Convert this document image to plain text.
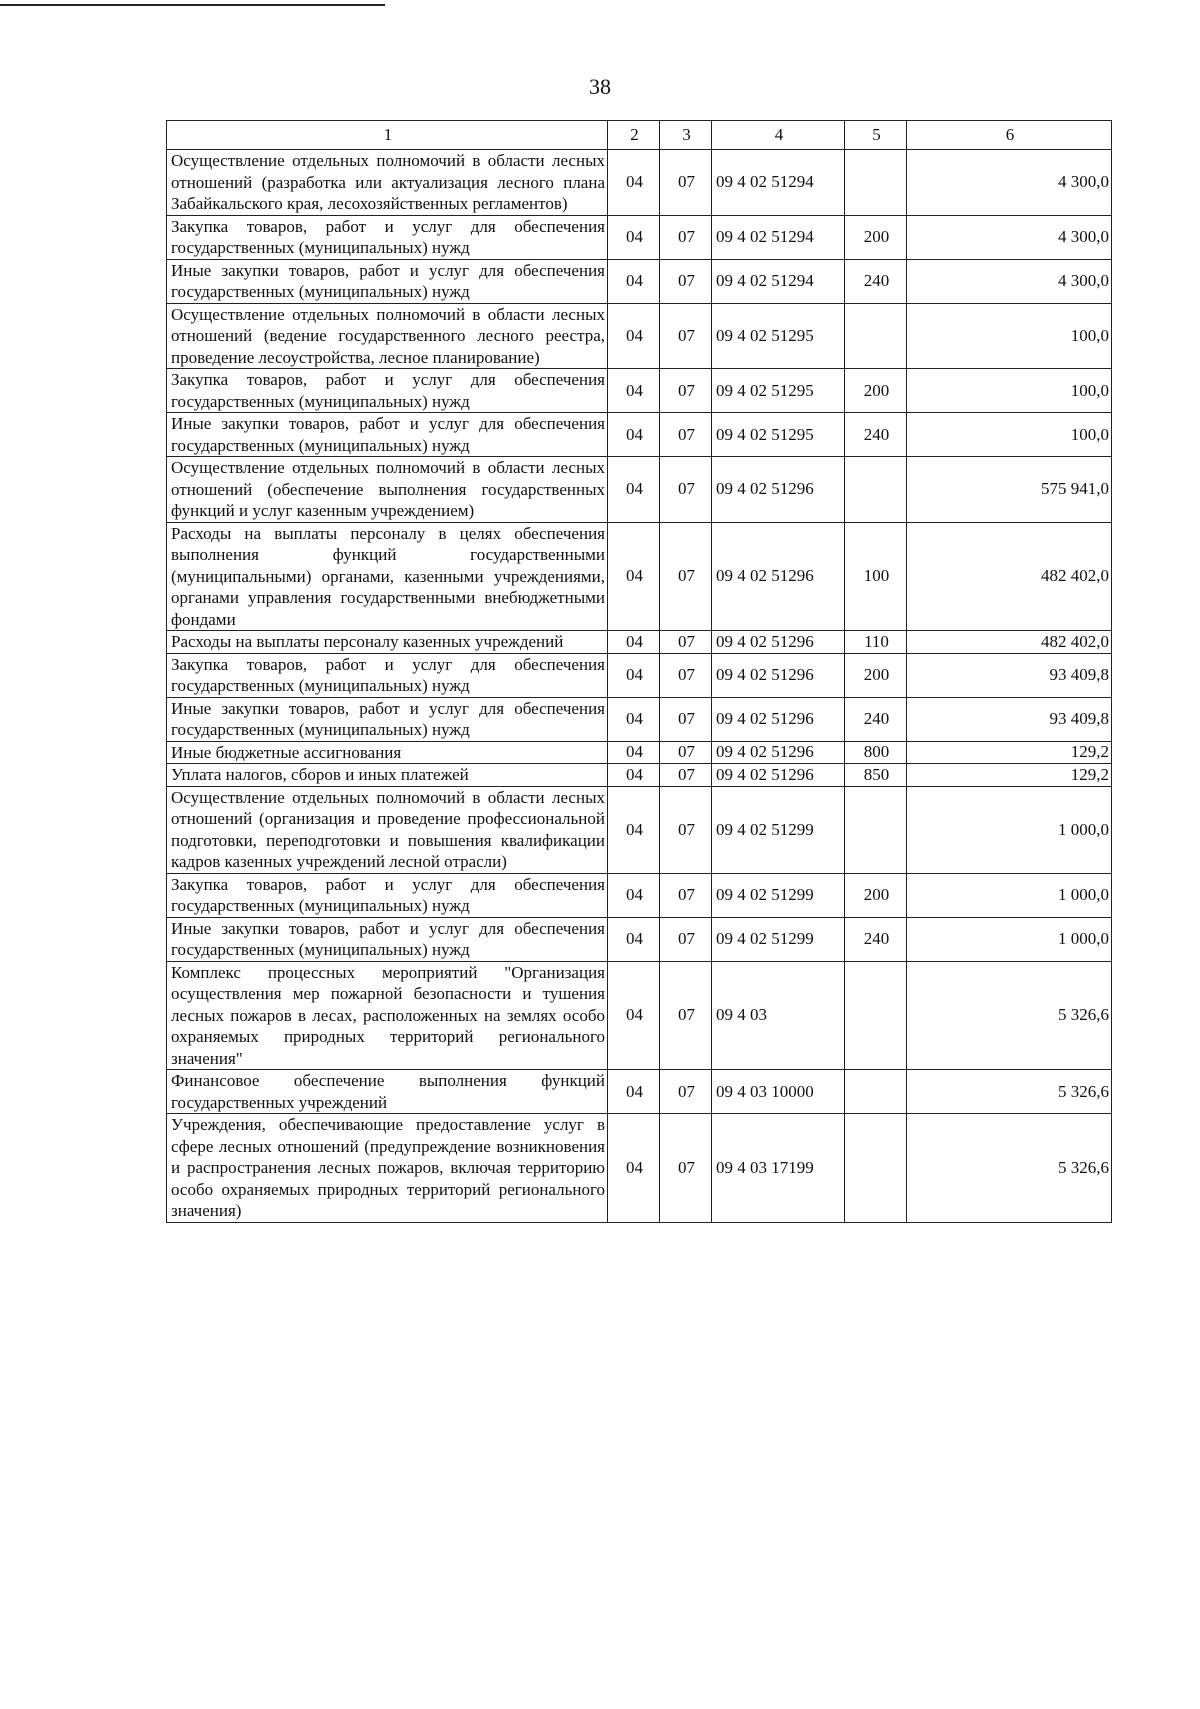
38
1	2	3	4	5	6
Осуществление отдельных полномочий в области лесных отношений (разработка или актуализация лесного плана Забайкальского края, лесохозяйственных регламентов)	04	07	09 4 02 51294		4 300,0
Закупка товаров, работ и услуг для обеспечения государственных (муниципальных) нужд	04	07	09 4 02 51294	200	4 300,0
Иные закупки товаров, работ и услуг для обеспечения государственных (муниципальных) нужд	04	07	09 4 02 51294	240	4 300,0
Осуществление отдельных полномочий в области лесных отношений (ведение государственного лесного реестра, проведение лесоустройства, лесное планирование)	04	07	09 4 02 51295		100,0
Закупка товаров, работ и услуг для обеспечения государственных (муниципальных) нужд	04	07	09 4 02 51295	200	100,0
Иные закупки товаров, работ и услуг для обеспечения государственных (муниципальных) нужд	04	07	09 4 02 51295	240	100,0
Осуществление отдельных полномочий в области лесных отношений (обеспечение выполнения государственных функций и услуг казенным учреждением)	04	07	09 4 02 51296		575 941,0
Расходы на выплаты персоналу в целях обеспечения выполнения функций государственными (муниципальными) органами, казенными учреждениями, органами управления государственными внебюджетными фондами	04	07	09 4 02 51296	100	482 402,0
Расходы на выплаты персоналу казенных учреждений	04	07	09 4 02 51296	110	482 402,0
Закупка товаров, работ и услуг для обеспечения государственных (муниципальных) нужд	04	07	09 4 02 51296	200	93 409,8
Иные закупки товаров, работ и услуг для обеспечения государственных (муниципальных) нужд	04	07	09 4 02 51296	240	93 409,8
Иные бюджетные ассигнования	04	07	09 4 02 51296	800	129,2
Уплата налогов, сборов и иных платежей	04	07	09 4 02 51296	850	129,2
Осуществление отдельных полномочий в области лесных отношений (организация и проведение профессиональной подготовки, переподготовки и повышения квалификации кадров казенных учреждений лесной отрасли)	04	07	09 4 02 51299		1 000,0
Закупка товаров, работ и услуг для обеспечения государственных (муниципальных) нужд	04	07	09 4 02 51299	200	1 000,0
Иные закупки товаров, работ и услуг для обеспечения государственных (муниципальных) нужд	04	07	09 4 02 51299	240	1 000,0
Комплекс процессных мероприятий "Организация осуществления мер пожарной безопасности и тушения лесных пожаров в лесах, расположенных на землях особо охраняемых природных территорий регионального значения"	04	07	09 4 03		5 326,6
Финансовое обеспечение выполнения функций государственных учреждений	04	07	09 4 03 10000		5 326,6
Учреждения, обеспечивающие предоставление услуг в сфере лесных отношений (предупреждение возникновения и распространения лесных пожаров, включая территорию особо охраняемых природных территорий регионального значения)	04	07	09 4 03 17199		5 326,6
